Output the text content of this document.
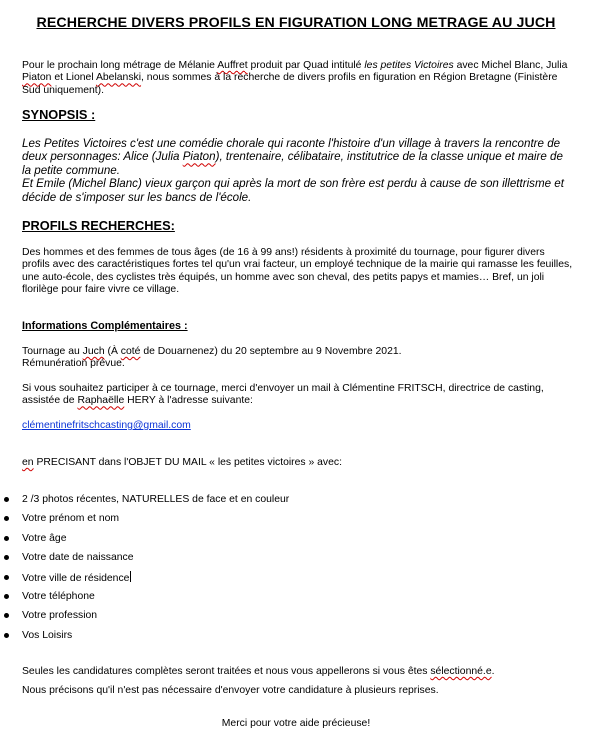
RECHERCHE DIVERS PROFILS EN FIGURATION LONG METRAGE AU JUCH
Pour le prochain long métrage de Mélanie Auffret produit par Quad intitulé les petites Victoires avec Michel Blanc, Julia Piaton et Lionel Abelanski, nous sommes à la recherche de divers profils en figuration en Région Bretagne (Finistère Sud uniquement).
SYNOPSIS :
Les Petites Victoires c'est une comédie chorale qui raconte l'histoire d'un village à travers la rencontre de deux personnages: Alice (Julia Piaton), trentenaire, célibataire, institutrice de la classe unique et maire de la petite commune.
Et Emile (Michel Blanc) vieux garçon qui après la mort de son frère est perdu à cause de son illettrisme et décide de s'imposer sur les bancs de l'école.
PROFILS RECHERCHES:
Des hommes et des femmes de tous âges (de 16 à 99 ans!) résidents à proximité du tournage, pour figurer divers profils avec des caractéristiques fortes tel qu'un vrai facteur, un employé technique de la mairie qui ramasse les feuilles, une auto-école, des cyclistes très équipés, un homme avec son cheval, des petits papys et mamies… Bref, un joli florilège pour faire vivre ce village.
Informations Complémentaires :
Tournage au Juch (À coté de Douarnenez) du 20 septembre au 9 Novembre 2021.
Rémunération prévue.
Si vous souhaitez participer à ce tournage, merci d'envoyer un mail à Clémentine FRITSCH, directrice de casting, assistée de Raphaëlle HERY à l'adresse suivante:
clémentinefritschcasting@gmail.com
en PRECISANT dans l'OBJET DU MAIL « les petites victoires » avec:
2 /3 photos récentes, NATURELLES de face et en couleur
Votre prénom et nom
Votre âge
Votre date de naissance
Votre ville de résidence
Votre téléphone
Votre profession
Vos Loisirs
Seules les candidatures complètes seront traitées et nous vous appellerons si vous êtes sélectionné.e.
Nous précisons qu'il n'est pas nécessaire d'envoyer votre candidature à plusieurs reprises.
Merci pour votre aide précieuse!
